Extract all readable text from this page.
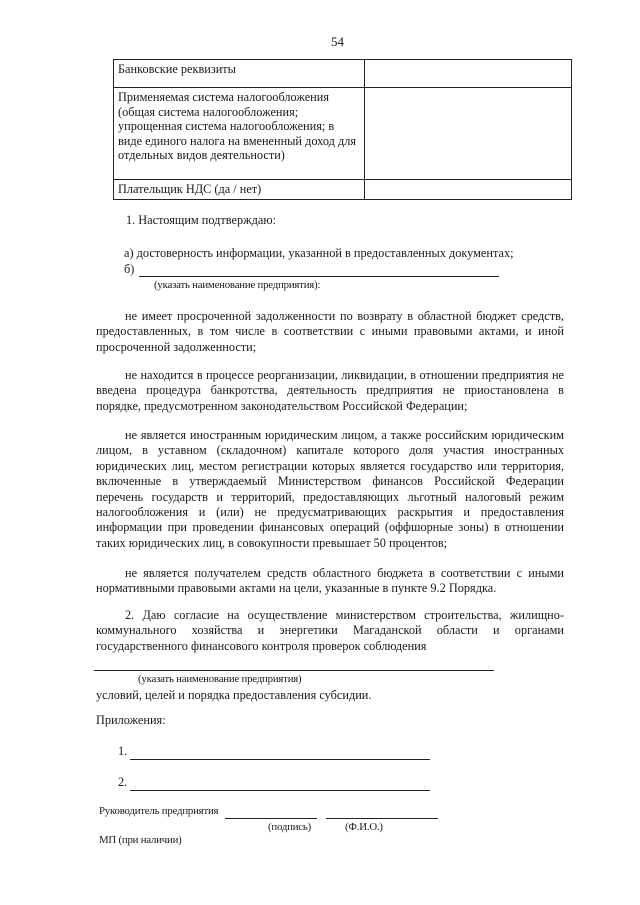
54
Банковские реквизиты	
Применяемая система налогообложения (общая система налогообложения; упрощенная система налогообложения; в виде единого налога на вмененный доход для отдельных видов деятельности)	
Плательщик НДС (да / нет)	
1. Настоящим подтверждаю:
а) достоверность информации, указанной в предоставленных документах;
б)
(указать наименование предприятия):
не имеет просроченной задолженности по возврату в областной бюджет средств, предоставленных, в том числе в соответствии с иными правовыми актами, и иной просроченной задолженности;
не находится в процессе реорганизации, ликвидации, в отношении предприятия не введена процедура банкротства, деятельность предприятия не приостановлена в порядке, предусмотренном законодательством Российской Федерации;
не является иностранным юридическим лицом, а также российским юридическим лицом, в уставном (складочном) капитале которого доля участия иностранных юридических лиц, местом регистрации которых является государство или территория, включенные в утверждаемый Министерством финансов Российской Федерации перечень государств и территорий, предоставляющих льготный налоговый режим налогообложения и (или) не предусматривающих раскрытия и предоставления информации при проведении финансовых операций (оффшорные зоны) в отношении таких юридических лиц, в совокупности превышает 50 процентов;
не является получателем средств областного бюджета в соответствии с иными нормативными правовыми актами на цели, указанные в пункте 9.2 Порядка.
2. Даю согласие на осуществление министерством строительства, жилищно-коммунального хозяйства и энергетики Магаданской области и органами государственного финансового контроля проверок соблюдения
(указать наименование предприятия)
условий, целей и порядка предоставления субсидии.
Приложения:
1.
2.
Руководитель предприятия
(подпись)	(Ф.И.О.)
МП (при наличии)
